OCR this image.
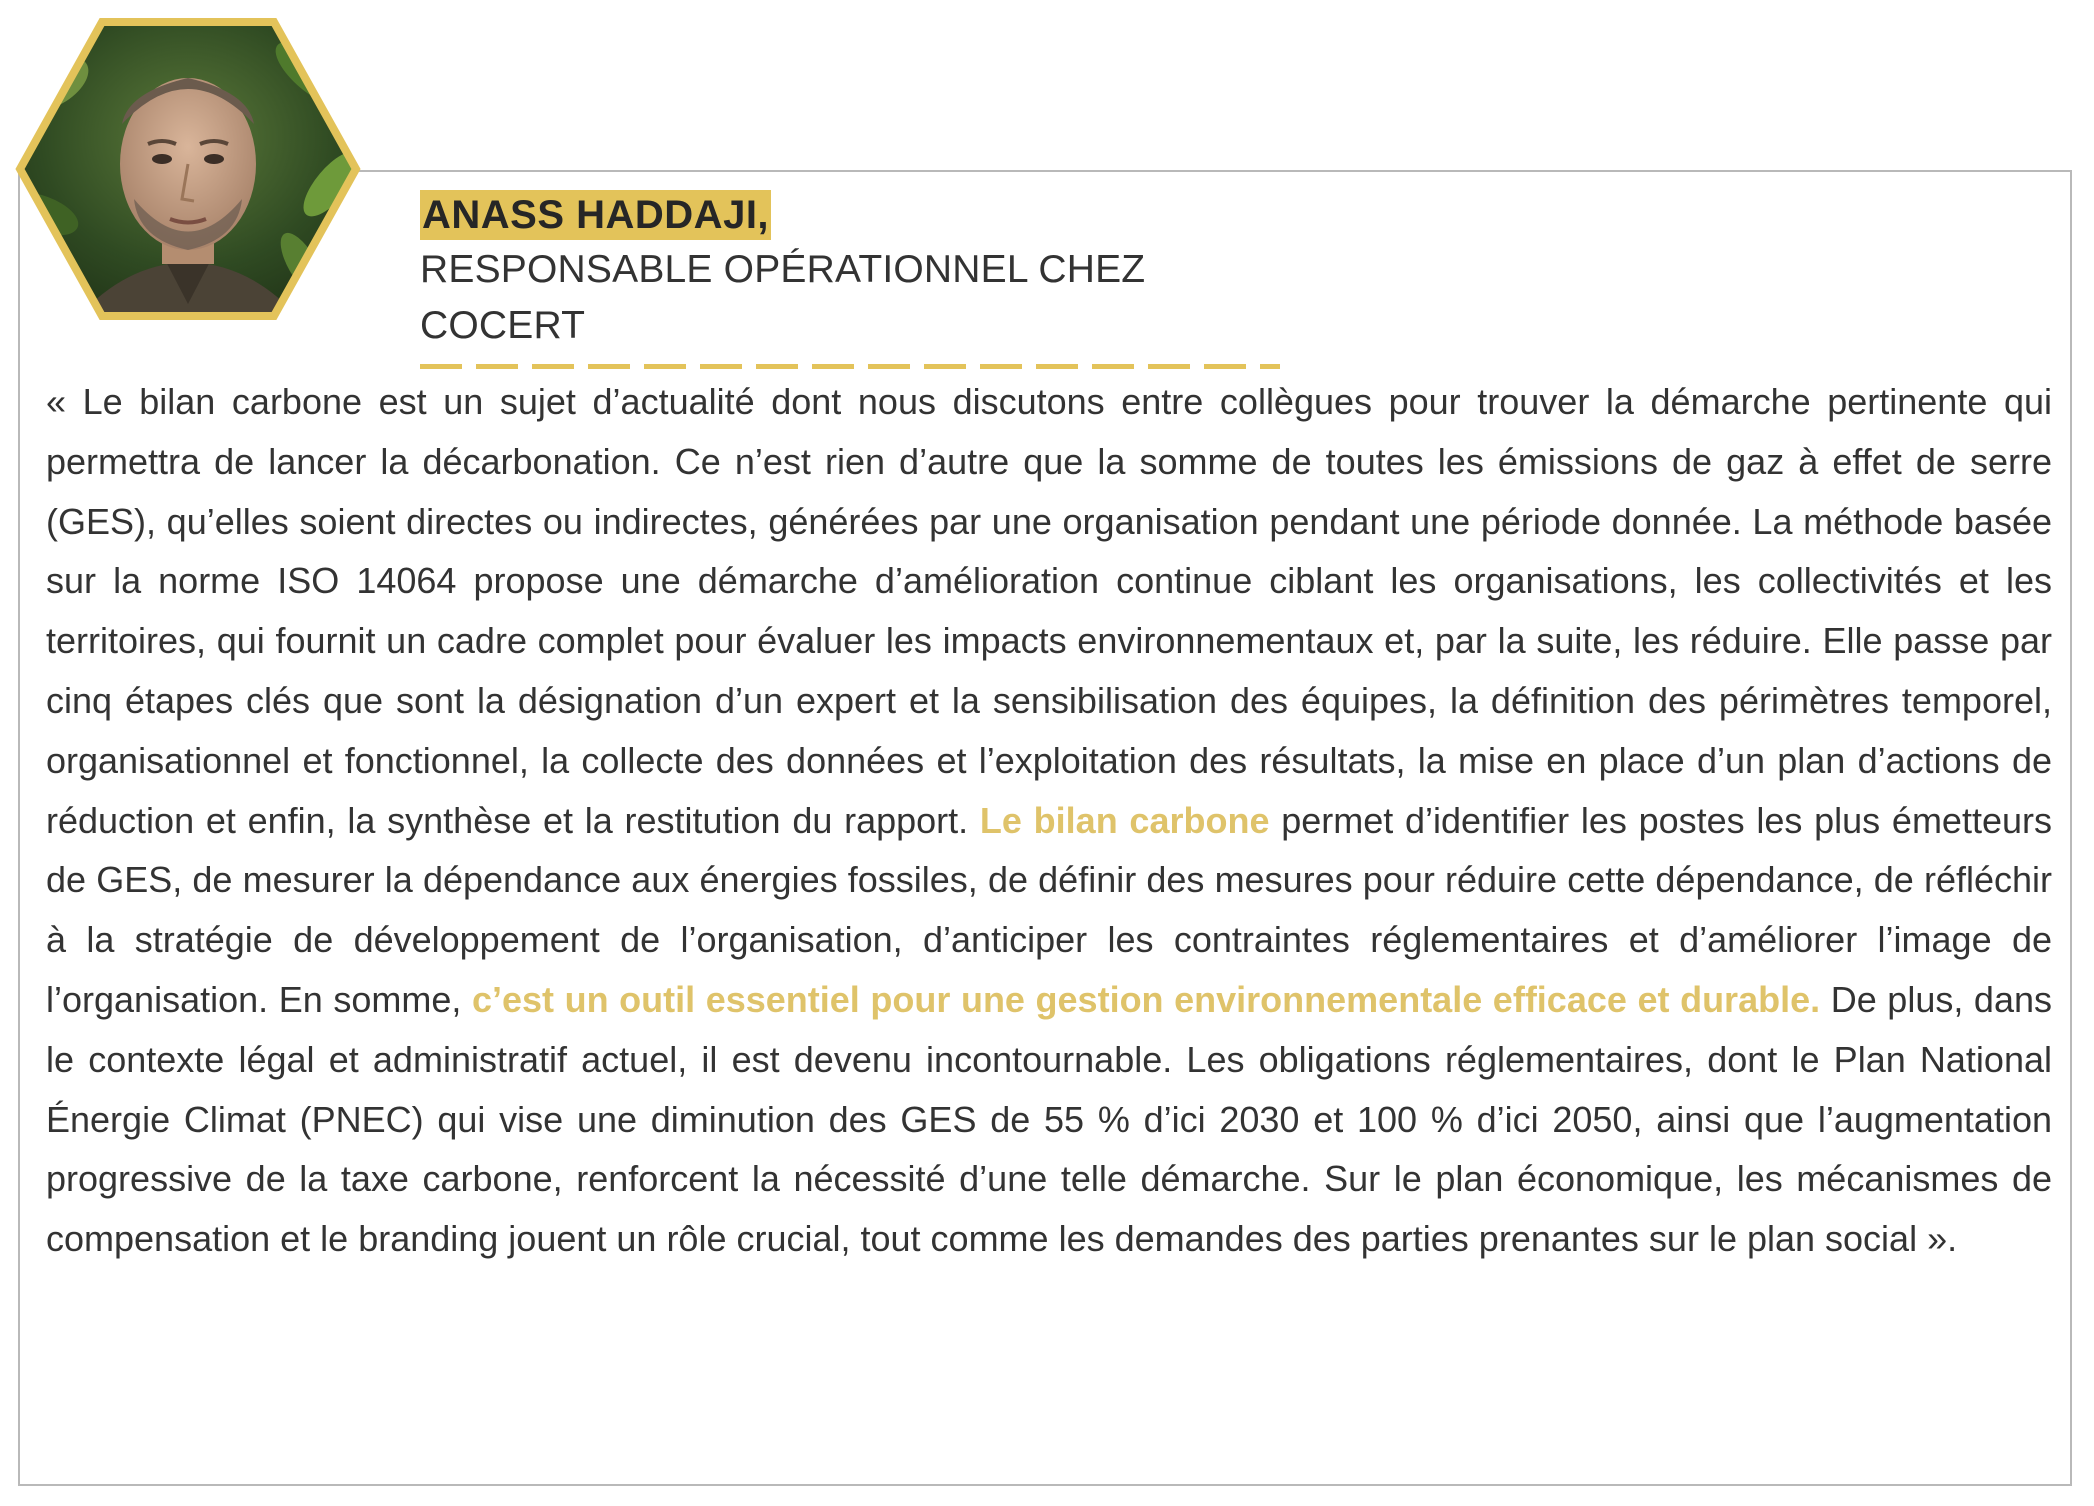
ANASS HADDAJI,
RESPONSABLE OPÉRATIONNEL CHEZ COCERT
« Le bilan carbone est un sujet d’actualité dont nous discutons entre collègues pour trouver la démarche pertinente qui permettra de lancer la décarbonation. Ce n’est rien d’autre que la somme de toutes les émissions de gaz à effet de serre (GES), qu’elles soient directes ou indirectes, générées par une organisation pendant une période donnée. La méthode basée sur la norme ISO 14064 propose une démarche d’amélioration continue ciblant les organisations, les collectivités et les territoires, qui fournit un cadre complet pour évaluer les impacts environnementaux et, par la suite, les réduire. Elle passe par cinq étapes clés que sont la désignation d’un expert et la sensibilisation des équipes, la définition des périmètres temporel, organisationnel et fonctionnel, la collecte des données et l’exploitation des résultats, la mise en place d’un plan d’actions de réduction et enfin, la synthèse et la restitution du rapport. Le bilan carbone permet d’identifier les postes les plus émetteurs de GES, de mesurer la dépendance aux énergies fossiles, de définir des mesures pour réduire cette dépendance, de réfléchir à la stratégie de développement de l’organisation, d’anticiper les contraintes réglementaires et d’améliorer l’image de l’organisation. En somme, c’est un outil essentiel pour une gestion environnementale efficace et durable. De plus, dans le contexte légal et administratif actuel, il est devenu incontournable. Les obligations réglementaires, dont le Plan National Énergie Climat (PNEC) qui vise une diminution des GES de 55 % d’ici 2030 et 100 % d’ici 2050, ainsi que l’augmentation progressive de la taxe carbone, renforcent la nécessité d’une telle démarche. Sur le plan économique, les mécanismes de compensation et le branding jouent un rôle crucial, tout comme les demandes des parties prenantes sur le plan social ».
